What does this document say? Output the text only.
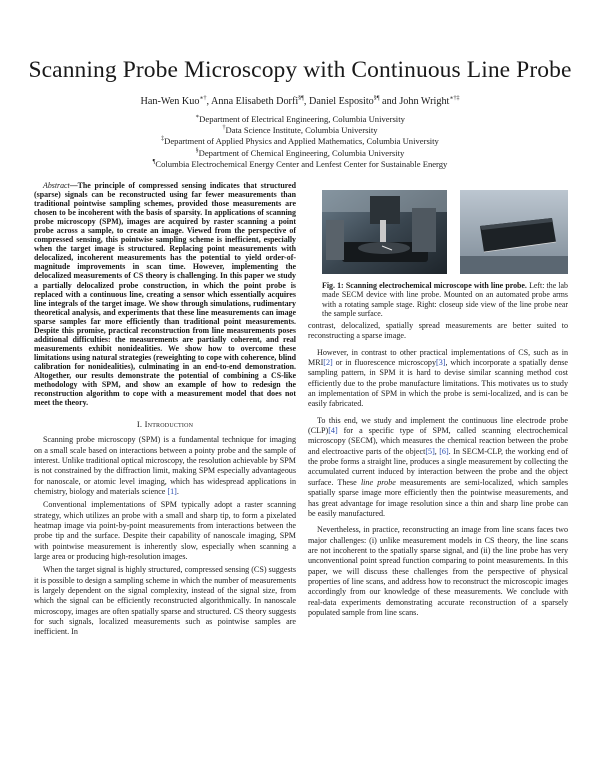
Scanning Probe Microscopy with Continuous Line Probe
Han-Wen Kuo∗†, Anna Elisabeth Dorfi§¶, Daniel Esposito§¶ and John Wright∗†‡
∗Department of Electrical Engineering, Columbia University
†Data Science Institute, Columbia University
‡Department of Applied Physics and Applied Mathematics, Columbia University
§Department of Chemical Engineering, Columbia University
¶Columbia Electrochemical Energy Center and Lenfest Center for Sustainable Energy

Abstract—The principle of compressed sensing indicates that structured (sparse) signals can be reconstructed using far fewer measurements than traditional pointwise sampling schemes, provided those measurements are chosen to be incoherent with the basis of sparsity. In applications of scanning probe microscopy (SPM), images are acquired by raster scanning a point probe across a sample, to create an image. Viewed from the perspective of compressed sensing, this pointwise sampling scheme is inefficient, especially when the target image is structured. Replacing point measurements with delocalized, incoherent measurements has the potential to yield order-of-magnitude improvements in scan time. However, implementing the delocalized measurements of CS theory is challenging. In this paper we study a partially delocalized probe construction, in which the point probe is replaced with a continuous line, creating a sensor which essentially acquires line integrals of the target image. We show through simulations, rudimentary theoretical analysis, and experiments that these line measurements can image sparse samples far more efficiently than traditional point measurements. Despite this promise, practical reconstruction from line measurements poses additional difficulties: the measurements are partially coherent, and real measurements exhibit nonidealities. We show how to overcome these limitations using natural strategies (reweighting to cope with coherence, blind calibration for nonidealities), culminating in an end-to-end demonstration. Altogether, our results demonstrate the potential of combining a CS-like methodology with SPM, and show an example of how to redesign the reconstruction algorithm to cope with a measurement model that does not meet the theory.

I. Introduction

Scanning probe microscopy (SPM) is a fundamental technique for imaging on a small scale based on interactions between a pointy probe and the sample of interest. Unlike traditional optical microscopy, the resolution achievable by SPM is not constrained by the diffraction limit, making SPM especially advantageous for nanoscale, or atomic level imaging, which has widespread applications in chemistry, biology and materials science [1].

Conventional implementations of SPM typically adopt a raster scanning strategy, which utilizes an probe with a small and sharp tip, to form a pixelated heatmap image via point-by-point measurements from interactions between the probe tip and the surface. Despite their capability of nanoscale imaging, SPM with pointwise measurement is inherently slow, especially when scanning a large area or producing high-resolution images.

When the target signal is highly structured, compressed sensing (CS) suggests it is possible to design a sampling scheme in which the number of measurements is largely dependent on the signal complexity, instead of the signal size, from which the signal can be efficiently reconstructed algorithmically. In nanoscale microscopy, images are often spatially sparse and structured. CS theory suggests for such signals, localized measurements such as pointwise samples are inefficient. In

Fig. 1: Scanning electrochemical microscope with line probe. Left: the lab made SECM device with line probe. Mounted on an automated probe arms with a rotating sample stage. Right: closeup side view of the line probe near the sample surface.

contrast, delocalized, spatially spread measurements are better suited to reconstructing a sparse image.

However, in contrast to other practical implementations of CS, such as in MRI[2] or in fluorescence microscopy[3], which incorporate a spatially dense sampling pattern, in SPM it is hard to devise similar scanning method cost efficiently due to the probe manufacture limitations. This motivates us to study an implementation of SPM in which the probe is semi-localized, and is can be easily fabricated.

To this end, we study and implement the continuous line electrode probe (CLP)[4] for a specific type of SPM, called scanning electrochemical microscopy (SECM), which measures the chemical reaction between the probe and electroactive parts of the object[5], [6]. In SECM-CLP, the working end of the probe forms a straight line, produces a single measurement by collecting the accumulated current induced by interaction between the probe and the object surface. These line probe measurements are semi-localized, which samples spatially sparse image more efficiently then the pointwise measurements, and has great advantage for image resolution since a thin and sharp line probe can be easily manufactured.

Nevertheless, in practice, reconstructing an image from line scans faces two major challenges: (i) unlike measurement models in CS theory, the line scans are not incoherent to the spatially sparse signal, and (ii) the line probe has very unconventional point spread function comparing to point measurements. In this paper, we will discuss these challenges from the perspective of physical properties of line scans, and address how to reconstruct the microscopic images accordingly from our knowledge of these measurements. We conclude with real-data experiments demonstrating accurate reconstruction of a sparsely populated sample from line scans.
